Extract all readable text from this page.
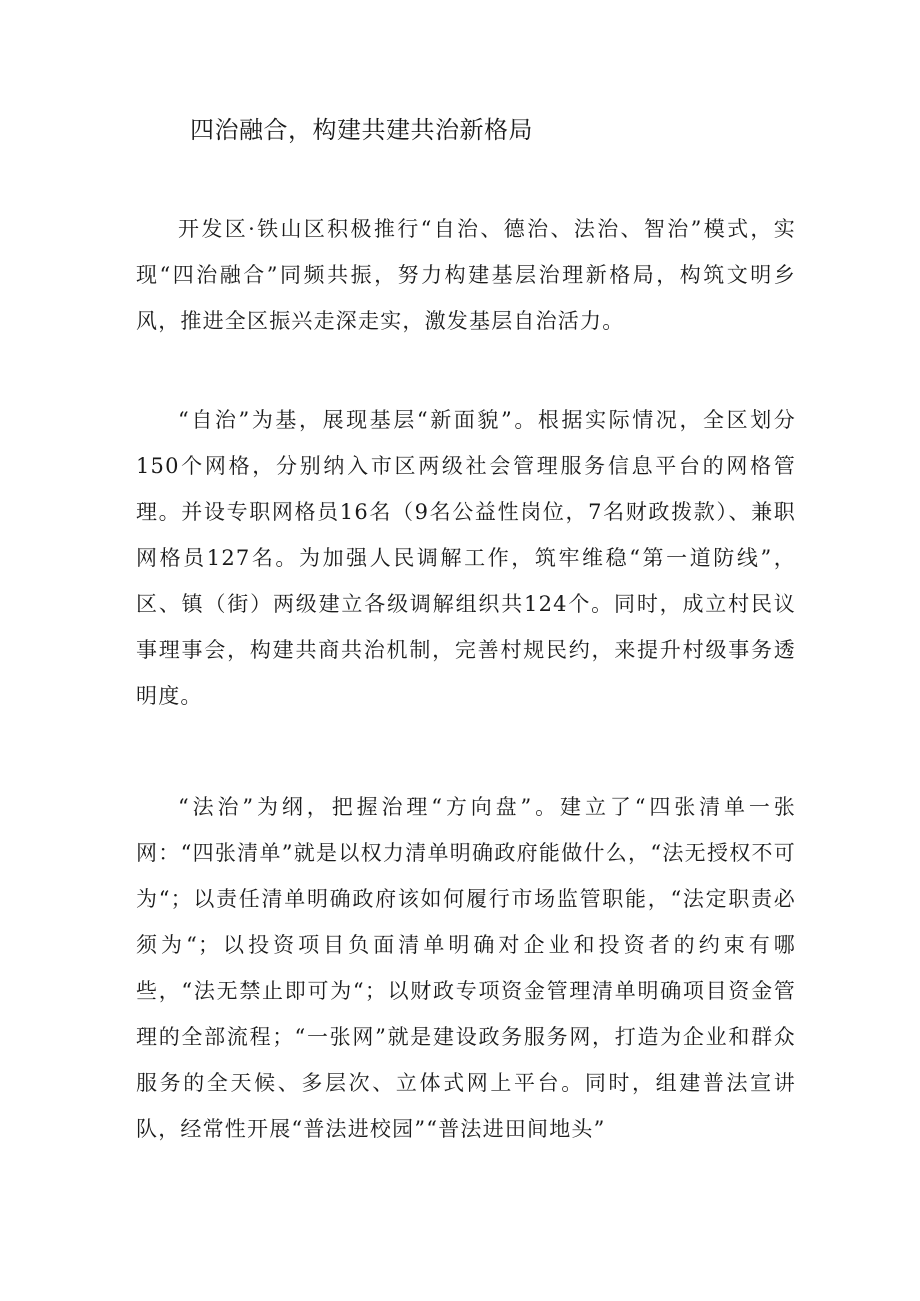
四治融合，构建共建共治新格局

开发区·铁山区积极推行“自治、德治、法治、智治”模式，实现“四治融合”同频共振，努力构建基层治理新格局，构筑文明乡风，推进全区振兴走深走实，激发基层自治活力。

“自治”为基，展现基层“新面貌”。根据实际情况，全区划分150个网格，分别纳入市区两级社会管理服务信息平台的网格管理。并设专职网格员16名（9名公益性岗位，7名财政拨款）、兼职网格员127名。为加强人民调解工作，筑牢维稳“第一道防线”，区、镇（街）两级建立各级调解组织共124个。同时，成立村民议事理事会，构建共商共治机制，完善村规民约，来提升村级事务透明度。

“法治”为纲，把握治理“方向盘”。建立了“四张清单一张网：“四张清单”就是以权力清单明确政府能做什么，“法无授权不可为“；以责任清单明确政府该如何履行市场监管职能，“法定职责必须为“；以投资项目负面清单明确对企业和投资者的约束有哪些，“法无禁止即可为“；以财政专项资金管理清单明确项目资金管理的全部流程；“一张网”就是建设政务服务网，打造为企业和群众服务的全天候、多层次、立体式网上平台。同时，组建普法宣讲队，经常性开展“普法进校园”“普法进田间地头”
